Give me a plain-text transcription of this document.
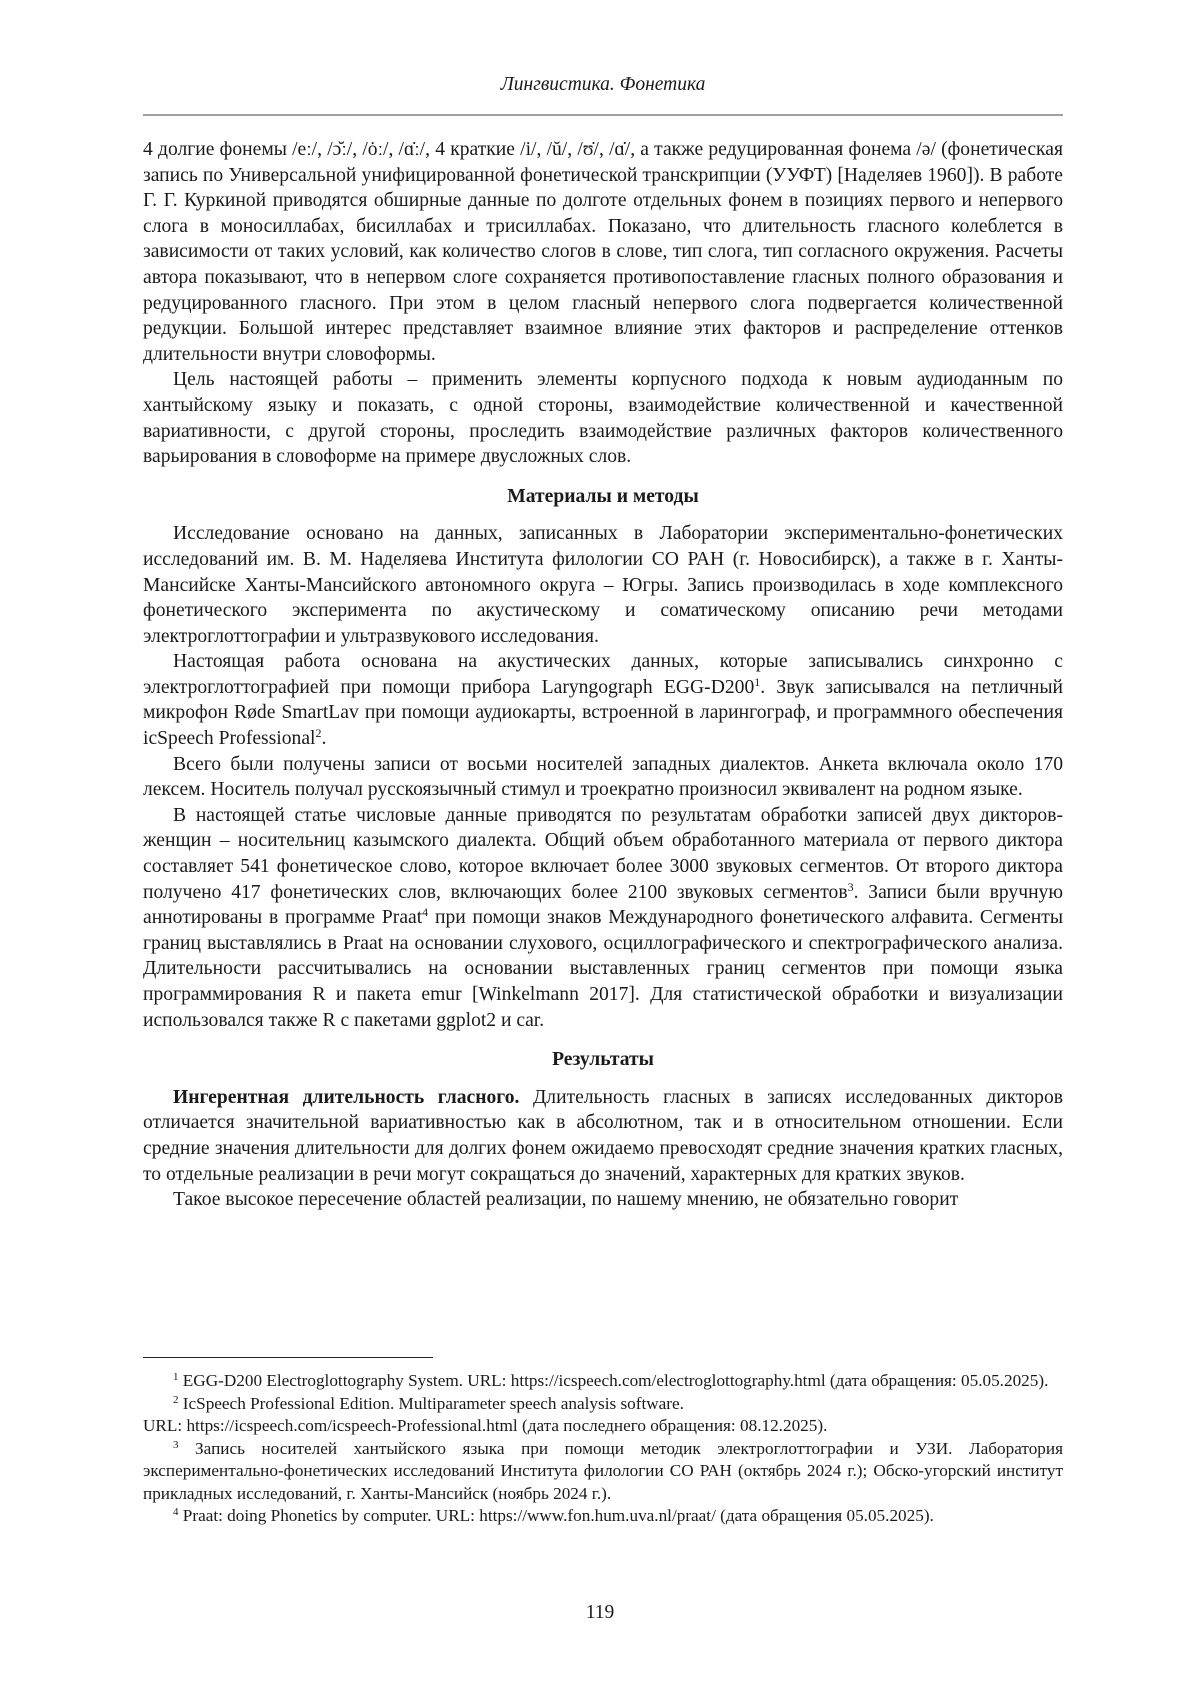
Лингвистика. Фонетика

4 долгие фонемы /eː/, /ɔ̆ː/, /ȯː/, /ɑ̇ː/, 4 краткие /i/, /ŭ/, /ʊ̇/, /ɑ̇/, а также редуцированная фонема /ə/ (фонетическая запись по Универсальной унифицированной фонетической транскрипции (УУФТ) [Наделяев 1960]). В работе Г. Г. Куркиной приводятся обширные данные по долготе отдельных фонем в позициях первого и непервого слога в моносиллабах, бисиллабах и трисиллабах. Показано, что длительность гласного колеблется в зависимости от таких условий, как количество слогов в слове, тип слога, тип согласного окружения. Расчеты автора показывают, что в непервом слоге сохраняется противопоставление гласных полного образования и редуцированного гласного. При этом в целом гласный непервого слога подвергается количественной редукции. Большой интерес представляет взаимное влияние этих факторов и распределение оттенков длительности внутри словоформы.

Цель настоящей работы – применить элементы корпусного подхода к новым аудиоданным по хантыйскому языку и показать, с одной стороны, взаимодействие количественной и качественной вариативности, с другой стороны, проследить взаимодействие различных факторов количественного варьирования в словоформе на примере двусложных слов.

Материалы и методы

Исследование основано на данных, записанных в Лаборатории экспериментально-фонетических исследований им. В. М. Наделяева Института филологии СО РАН (г. Новосибирск), а также в г. Ханты-Мансийске Ханты-Мансийского автономного округа – Югры. Запись производилась в ходе комплексного фонетического эксперимента по акустическому и соматическому описанию речи методами электроглоттографии и ультразвукового исследования.

Настоящая работа основана на акустических данных, которые записывались синхронно с электроглоттографией при помощи прибора Laryngograph EGG-$D200^1$. Звук записывался на петличный микрофон Røde SmartLav при помощи аудиокарты, встроенной в ларингограф, и программного обеспечения icSpeech Professional$^2$.

Всего были получены записи от восьми носителей западных диалектов. Анкета включала около 170 лексем. Носитель получал русскоязычный стимул и троекратно произносил эквивалент на родном языке.

В настоящей статье числовые данные приводятся по результатам обработки записей двух дикторов-женщин – носительниц казымского диалекта. Общий объем обработанного материала от первого диктора составляет 541 фонетическое слово, которое включает более 3000 звуковых сегментов. От второго диктора получено 417 фонетических слов, включающих более 2100 звуковых сегментов$^3$. Записи были вручную аннотированы в программе Praat$^4$ при помощи знаков Международного фонетического алфавита. Сегменты границ выставлялись в Praat на основании слухового, осциллографического и спектрографического анализа. Длительности рассчитывались на основании выставленных границ сегментов при помощи языка программирования R и пакета emur [Winkelmann 2017]. Для статистической обработки и визуализации использовался также R с пакетами ggplot2 и car.

Результаты

Ингерентная длительность гласного. Длительность гласных в записях исследованных дикторов отличается значительной вариативностью как в абсолютном, так и в относительном отношении. Если средние значения длительности для долгих фонем ожидаемо превосходят средние значения кратких гласных, то отдельные реализации в речи могут сокращаться до значений, характерных для кратких звуков.

Такое высокое пересечение областей реализации, по нашему мнению, не обязательно говорит

$^1$ EGG-D200 Electroglottography System. URL: https://icspeech.com/electroglottography.html (дата обращения: 05.05.2025).

$^2$ IcSpeech Professional Edition. Multiparameter speech analysis software.

URL: https://icspeech.com/icspeech-Professional.html (дата последнего обращения: 08.12.2025).

$^3$ Запись носителей хантыйского языка при помощи методик электроглоттографии и УЗИ. Лаборатория экспериментально-фонетических исследований Института филологии СО РАН (октябрь 2024 г.); Обско-угорский институт прикладных исследований, г. Ханты-Мансийск (ноябрь 2024 г.).

$^4$ Praat: doing Phonetics by computer. URL: https://www.fon.hum.uva.nl/praat/ (дата обращения 05.05.2025).

119
